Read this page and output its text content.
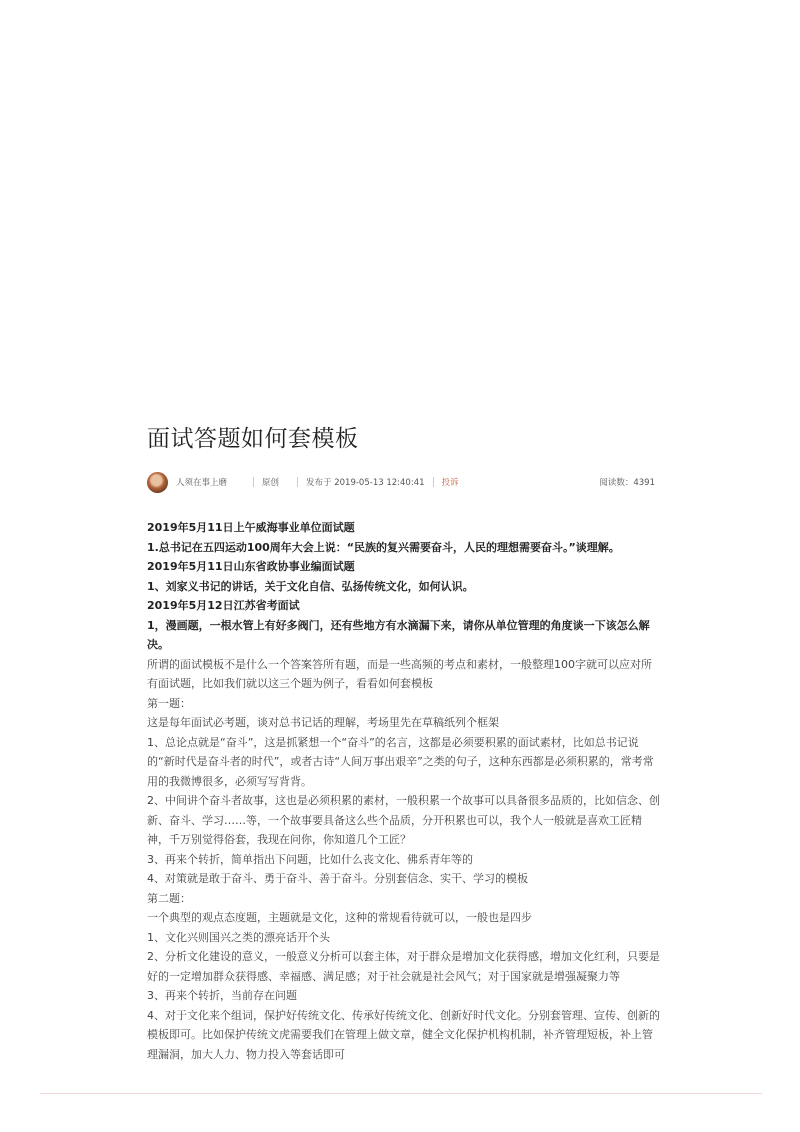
面试答题如何套模板
人须在事上磨	原创	发布于 2019-05-13 12:40:41 投诉	阅读数：4391

2019年5月11日上午威海事业单位面试题

1.总书记在五四运动100周年大会上说：“民族的复兴需要奋斗，人民的理想需要奋斗。”谈理解。

2019年5月11日山东省政协事业编面试题

1、刘家义书记的讲话，关于文化自信、弘扬传统文化，如何认识。

2019年5月12日江苏省考面试

1，漫画题，一根水管上有好多阀门，还有些地方有水滴漏下来，请你从单位管理的角度谈一下该怎么解决。

所谓的面试模板不是什么一个答案答所有题，而是一些高频的考点和素材，一般整理100字就可以应对所有面试题，比如我们就以这三个题为例子，看看如何套模板

第一题：

这是每年面试必考题，谈对总书记话的理解，考场里先在草稿纸列个框架

1、总论点就是“奋斗”，这是抓紧想一个“奋斗”的名言，这都是必须要积累的面试素材，比如总书记说的“新时代是奋斗者的时代”，或者古诗“人间万事出艰辛”之类的句子，这种东西都是必须积累的，常考常用的我微博很多，必须写写背背。

2、中间讲个奋斗者故事，这也是必须积累的素材，一般积累一个故事可以具备很多品质的，比如信念、创新、奋斗、学习……等，一个故事要具备这么些个品质，分开积累也可以，我个人一般就是喜欢工匠精神，千万别觉得俗套，我现在问你，你知道几个工匠？

3、再来个转折，简单指出下问题，比如什么丧文化、佛系青年等的

4、对策就是敢于奋斗、勇于奋斗、善于奋斗。分别套信念、实干、学习的模板

第二题：

一个典型的观点态度题，主题就是文化，这种的常规看待就可以，一般也是四步

1、文化兴则国兴之类的漂亮话开个头

2、分析文化建设的意义，一般意义分析可以套主体，对于群众是增加文化获得感，增加文化红利，只要是好的一定增加群众获得感、幸福感、满足感；对于社会就是社会风气；对于国家就是增强凝聚力等

3、再来个转折，当前存在问题

4、对于文化来个组词，保护好传统文化、传承好传统文化、创新好时代文化。分别套管理、宣传、创新的模板即可。比如保护传统文虎需要我们在管理上做文章，健全文化保护机构机制，补齐管理短板，补上管理漏洞，加大人力、物力投入等套话即可
